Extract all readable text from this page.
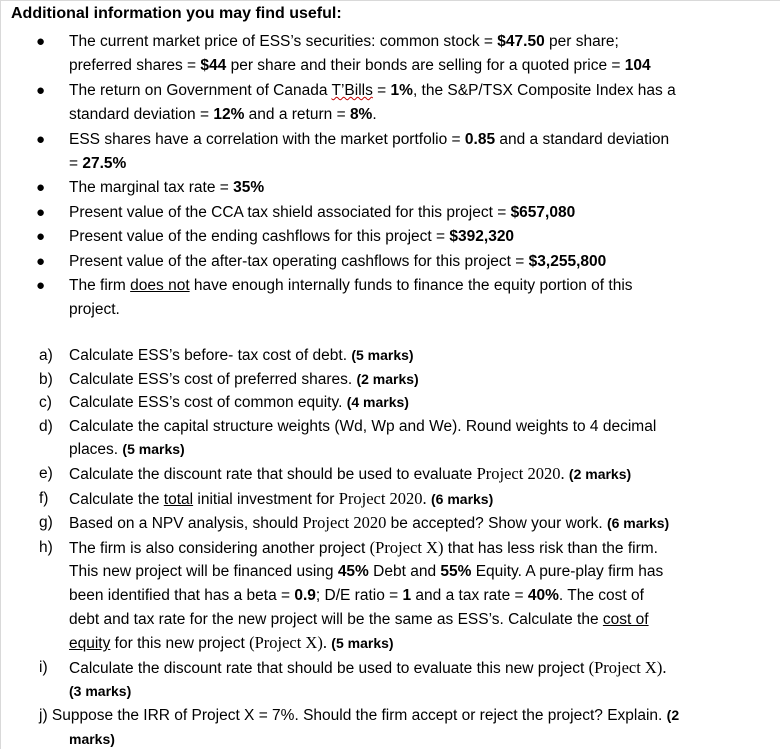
Additional information you may find useful:
● The current market price of ESS’s securities: common stock = $47.50 per share;
preferred shares = $44 per share and their bonds are selling for a quoted price = 104
● The return on Government of Canada T’Bills = 1%, the S&P/TSX Composite Index has a
standard deviation = 12% and a return = 8%.
● ESS shares have a correlation with the market portfolio = 0.85 and a standard deviation
= 27.5%
● The marginal tax rate = 35%
● Present value of the CCA tax shield associated for this project = $657,080
● Present value of the ending cashflows for this project = $392,320
● Present value of the after-tax operating cashflows for this project = $3,255,800
● The firm does not have enough internally funds to finance the equity portion of this
project.
a) Calculate ESS’s before- tax cost of debt. (5 marks)
b) Calculate ESS’s cost of preferred shares. (2 marks)
c) Calculate ESS’s cost of common equity. (4 marks)
d) Calculate the capital structure weights (Wd, Wp and We). Round weights to 4 decimal
places. (5 marks)
e) Calculate the discount rate that should be used to evaluate Project 2020. (2 marks)
f) Calculate the total initial investment for Project 2020. (6 marks)
g) Based on a NPV analysis, should Project 2020 be accepted? Show your work. (6 marks)
h) The firm is also considering another project (Project X) that has less risk than the firm.
This new project will be financed using 45% Debt and 55% Equity. A pure-play firm has
been identified that has a beta = 0.9; D/E ratio = 1 and a tax rate = 40%. The cost of
debt and tax rate for the new project will be the same as ESS’s. Calculate the cost of
equity for this new project (Project X). (5 marks)
i) Calculate the discount rate that should be used to evaluate this new project (Project X).
(3 marks)
j) Suppose the IRR of Project X = 7%. Should the firm accept or reject the project? Explain. (2
marks)
